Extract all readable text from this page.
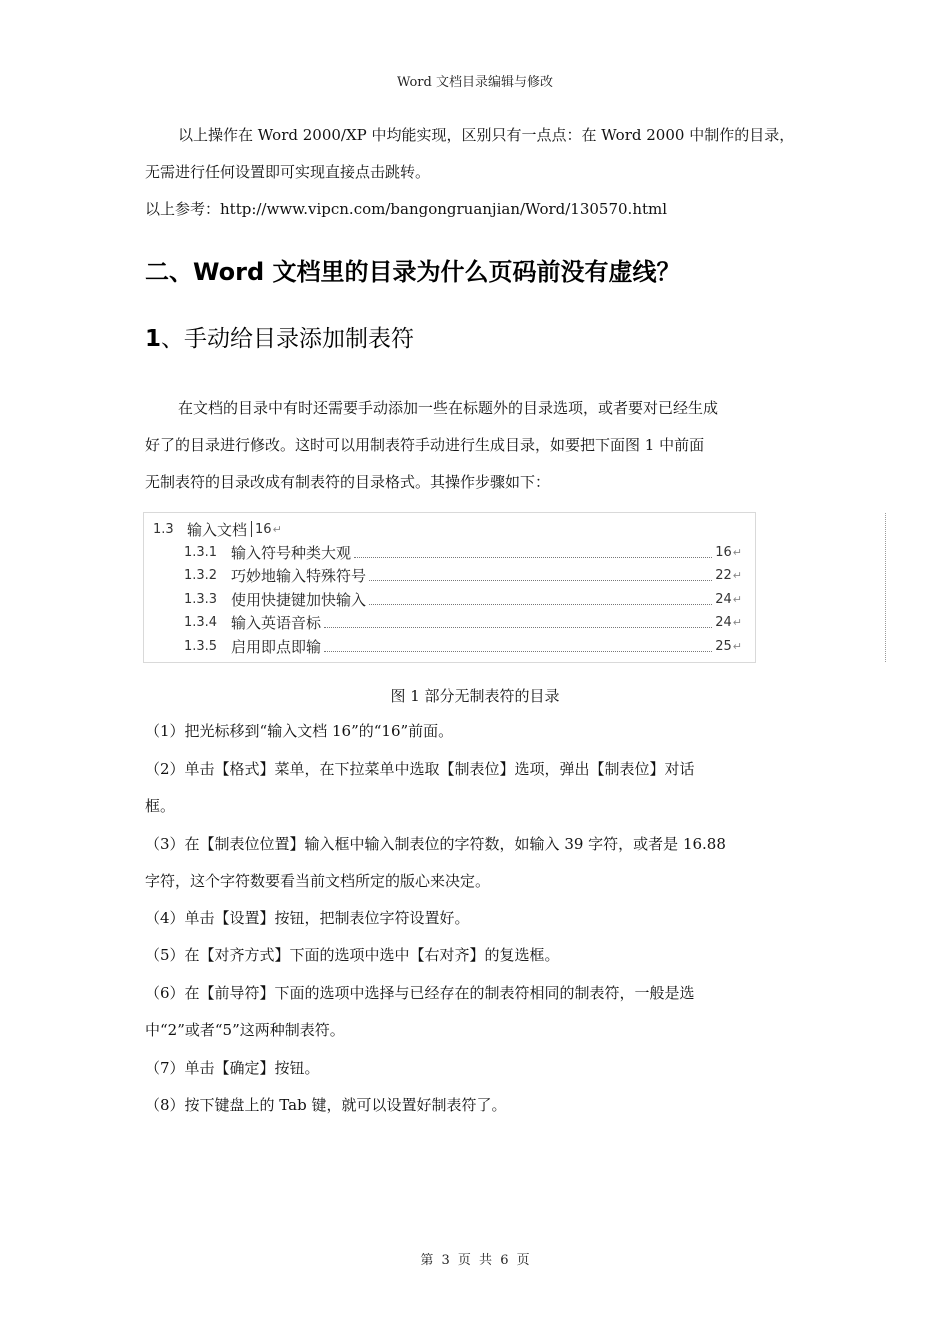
Word 文档目录编辑与修改
以上操作在 Word 2000/XP 中均能实现，区别只有一点点：在 Word 2000 中制作的目录，
无需进行任何设置即可实现直接点击跳转。
以上参考：http://www.vipcn.com/bangongruanjian/Word/130570.html
二、Word 文档里的目录为什么页码前没有虚线？
1、手动给目录添加制表符
在文档的目录中有时还需要手动添加一些在标题外的目录选项，或者要对已经生成
好了的目录进行修改。这时可以用制表符手动进行生成目录，如要把下面图 1 中前面
无制表符的目录改成有制表符的目录格式。其操作步骤如下：
1.3 输入文档 16 ↵
1.3.1 输入符号种类大观	16 ↵
1.3.2 巧妙地输入特殊符号	22 ↵
1.3.3 使用快捷键加快输入	24 ↵
1.3.4 输入英语音标	24 ↵
1.3.5 启用即点即输	25 ↵
图 1 部分无制表符的目录
（1）把光标移到“输入文档 16”的“16”前面。
（2）单击【格式】菜单，在下拉菜单中选取【制表位】选项，弹出【制表位】对话
框。
（3）在【制表位位置】输入框中输入制表位的字符数，如输入 39 字符，或者是 16.88
字符，这个字符数要看当前文档所定的版心来决定。
（4）单击【设置】按钮，把制表位字符设置好。
（5）在【对齐方式】下面的选项中选中【右对齐】的复选框。
（6）在【前导符】下面的选项中选择与已经存在的制表符相同的制表符，一般是选
中“2”或者“5”这两种制表符。
（7）单击【确定】按钮。
（8）按下键盘上的 Tab 键，就可以设置好制表符了。
第 3 页 共 6 页
